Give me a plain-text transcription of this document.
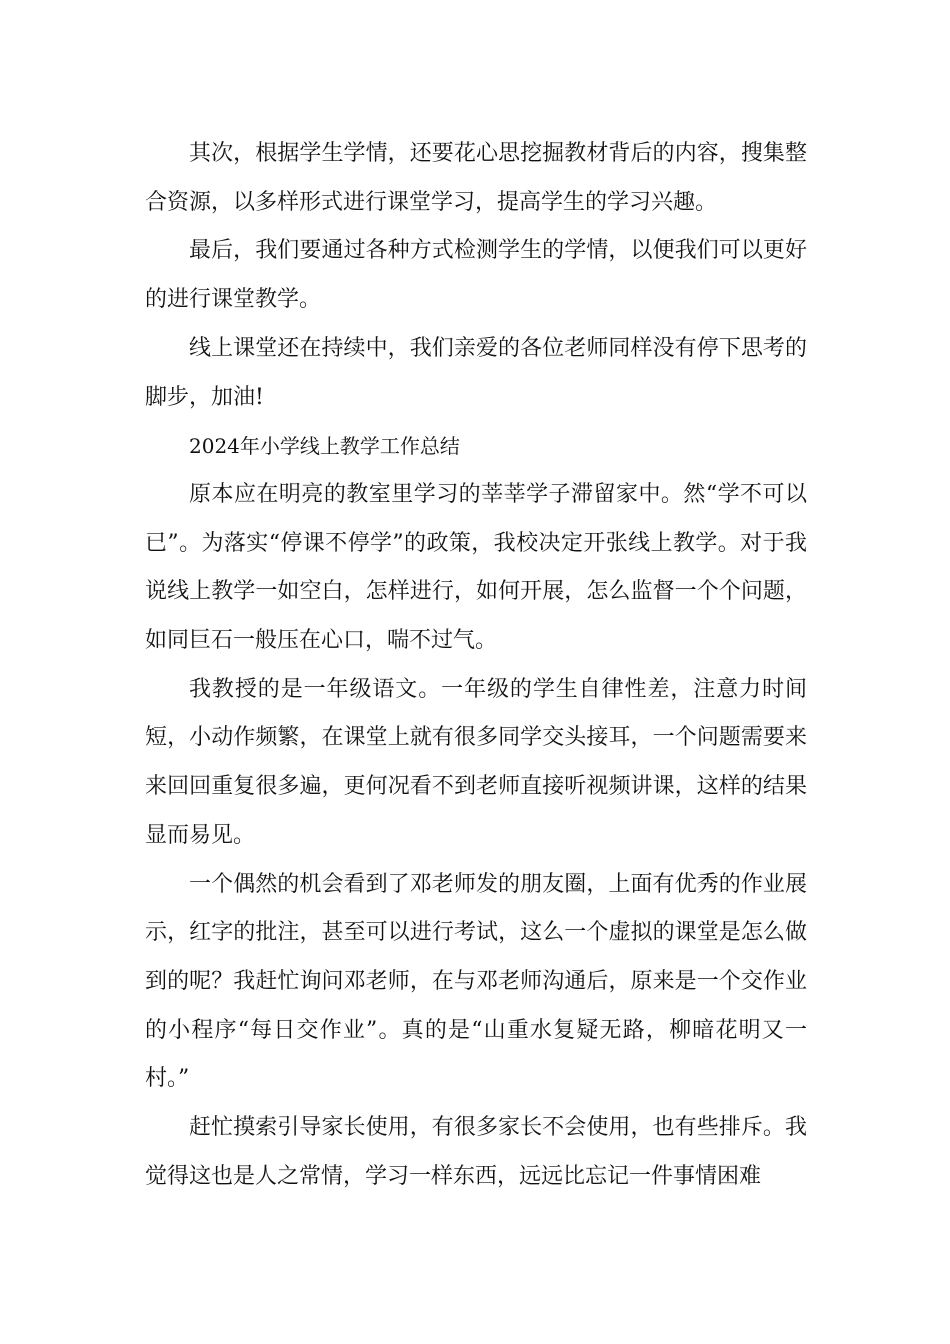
其次，根据学生学情，还要花心思挖掘教材背后的内容，搜集整合资源，以多样形式进行课堂学习，提高学生的学习兴趣。

最后，我们要通过各种方式检测学生的学情，以便我们可以更好的进行课堂教学。

线上课堂还在持续中，我们亲爱的各位老师同样没有停下思考的脚步，加油!

2024年小学线上教学工作总结

原本应在明亮的教室里学习的莘莘学子滞留家中。然“学不可以已”。为落实“停课不停学”的政策，我校决定开张线上教学。对于我说线上教学一如空白，怎样进行，如何开展，怎么监督一个个问题，如同巨石一般压在心口，喘不过气。

我教授的是一年级语文。一年级的学生自律性差，注意力时间短，小动作频繁，在课堂上就有很多同学交头接耳，一个问题需要来来回回重复很多遍，更何况看不到老师直接听视频讲课，这样的结果显而易见。

一个偶然的机会看到了邓老师发的朋友圈，上面有优秀的作业展示，红字的批注，甚至可以进行考试，这么一个虚拟的课堂是怎么做到的呢？我赶忙询问邓老师，在与邓老师沟通后，原来是一个交作业的小程序“每日交作业”。真的是“山重水复疑无路，柳暗花明又一村。”

赶忙摸索引导家长使用，有很多家长不会使用，也有些排斥。我觉得这也是人之常情，学习一样东西，远远比忘记一件事情困难
